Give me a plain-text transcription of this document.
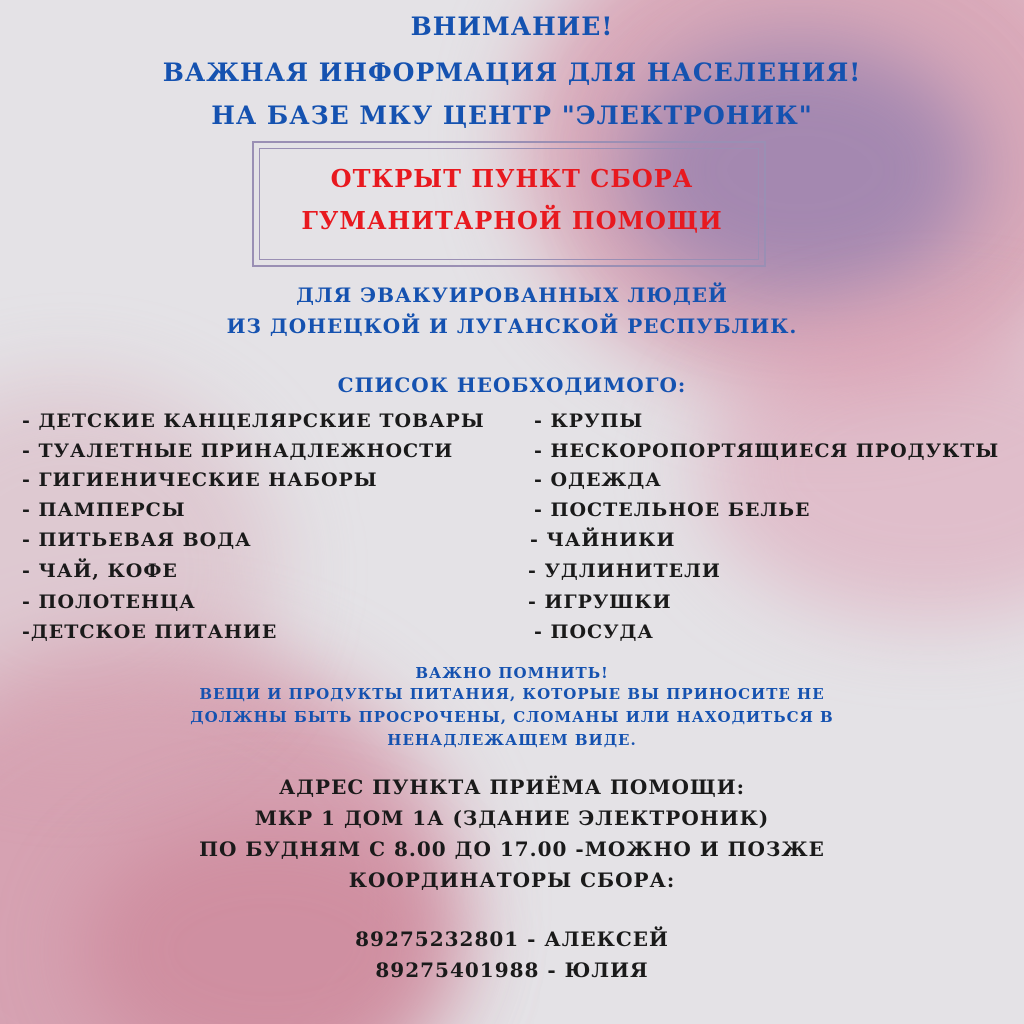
ВНИМАНИЕ!
ВАЖНАЯ ИНФОРМАЦИЯ ДЛЯ НАСЕЛЕНИЯ!
НА БАЗЕ МКУ ЦЕНТР "ЭЛЕКТРОНИК"
ОТКРЫТ ПУНКТ СБОРА
ГУМАНИТАРНОЙ ПОМОЩИ
ДЛЯ ЭВАКУИРОВАННЫХ ЛЮДЕЙ
ИЗ ДОНЕЦКОЙ И ЛУГАНСКОЙ РЕСПУБЛИК.
СПИСОК НЕОБХОДИМОГО:
- ДЕТСКИЕ КАНЦЕЛЯРСКИЕ ТОВАРЫ
- ТУАЛЕТНЫЕ ПРИНАДЛЕЖНОСТИ
- ГИГИЕНИЧЕСКИЕ НАБОРЫ
- ПАМПЕРСЫ
- ПИТЬЕВАЯ ВОДА
- ЧАЙ, КОФЕ
- ПОЛОТЕНЦА
-ДЕТСКОЕ ПИТАНИЕ
- КРУПЫ
- НЕСКОРОПОРТЯЩИЕСЯ ПРОДУКТЫ
- ОДЕЖДА
- ПОСТЕЛЬНОЕ БЕЛЬЕ
- ЧАЙНИКИ
- УДЛИНИТЕЛИ
- ИГРУШКИ
- ПОСУДА
ВАЖНО ПОМНИТЬ!
ВЕЩИ И ПРОДУКТЫ ПИТАНИЯ, КОТОРЫЕ ВЫ ПРИНОСИТЕ НЕ
ДОЛЖНЫ БЫТЬ ПРОСРОЧЕНЫ, СЛОМАНЫ ИЛИ НАХОДИТЬСЯ В
НЕНАДЛЕЖАЩЕМ ВИДЕ.
АДРЕС ПУНКТА ПРИЁМА ПОМОЩИ:
МКР 1 ДОМ 1А (ЗДАНИЕ ЭЛЕКТРОНИК)
ПО БУДНЯМ С 8.00 ДО 17.00 -МОЖНО И ПОЗЖЕ
КООРДИНАТОРЫ СБОРА:
89275232801 - АЛЕКСЕЙ
89275401988 - ЮЛИЯ
